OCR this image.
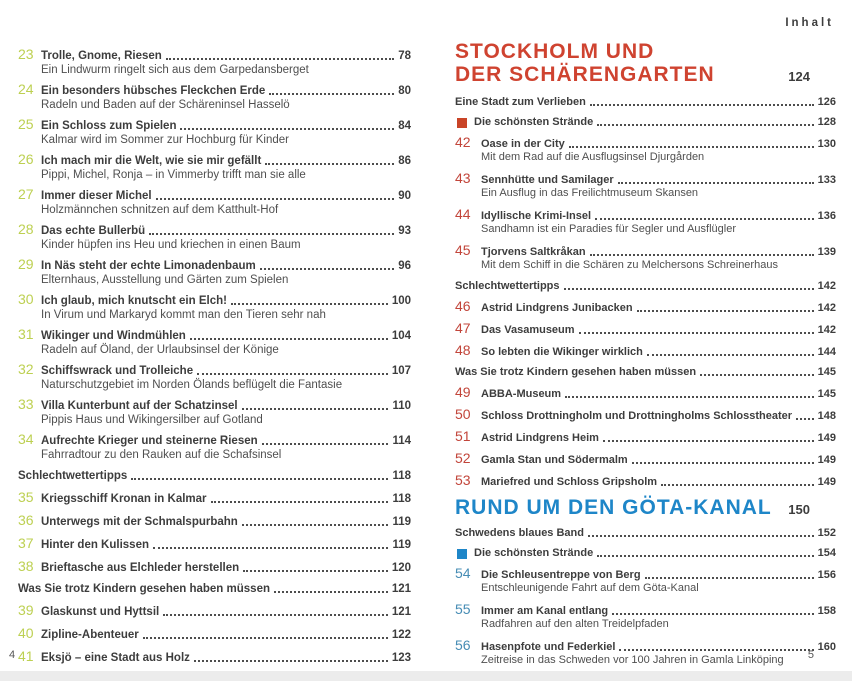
Inhalt
23 Trolle, Gnome, Riesen	78
Ein Lindwurm ringelt sich aus dem Garpedansberget
24 Ein besonders hübsches Fleckchen Erde	80
Radeln und Baden auf der Schäreninsel Hasselö
25 Ein Schloss zum Spielen	84
Kalmar wird im Sommer zur Hochburg für Kinder
26 Ich mach mir die Welt, wie sie mir gefällt	86
Pippi, Michel, Ronja – in Vimmerby trifft man sie alle
27 Immer dieser Michel	90
Holzmännchen schnitzen auf dem Katthult-Hof
28 Das echte Bullerbü	93
Kinder hüpfen ins Heu und kriechen in einen Baum
29 In Näs steht der echte Limonadenbaum	96
Elternhaus, Ausstellung und Gärten zum Spielen
30 Ich glaub, mich knutscht ein Elch!	100
In Virum und Markaryd kommt man den Tieren sehr nah
31 Wikinger und Windmühlen	104
Radeln auf Öland, der Urlaubsinsel der Könige
32 Schiffswrack und Trolleiche	107
Naturschutzgebiet im Norden Ölands beflügelt die Fantasie
33 Villa Kunterbunt auf der Schatzinsel	110
Pippis Haus und Wikingersilber auf Gotland
34 Aufrechte Krieger und steinerne Riesen	114
Fahrradtour zu den Rauken auf die Schafsinsel
Schlechtwettertipps	118
35 Kriegsschiff Kronan in Kalmar	118
36 Unterwegs mit der Schmalspurbahn	119
37 Hinter den Kulissen	119
38 Brieftasche aus Elchleder herstellen	120
Was Sie trotz Kindern gesehen haben müssen	121
39 Glaskunst und Hyttsil	121
40 Zipline-Abenteuer	122
41 Eksjö – eine Stadt aus Holz	123
STOCKHOLM UND
DER SCHÄRENGARTEN	124
Eine Stadt zum Verlieben	126
Die schönsten Strände	128
42 Oase in der City	130
Mit dem Rad auf die Ausflugsinsel Djurgården
43 Sennhütte und Samilager	133
Ein Ausflug in das Freilichtmuseum Skansen
44 Idyllische Krimi-Insel	136
Sandhamn ist ein Paradies für Segler und Ausflügler
45 Tjorvens Saltkråkan	139
Mit dem Schiff in die Schären zu Melchersons Schreinerhaus
Schlechtwettertipps	142
46 Astrid Lindgrens Junibacken	142
47 Das Vasamuseum	142
48 So lebten die Wikinger wirklich	144
Was Sie trotz Kindern gesehen haben müssen	145
49 ABBA-Museum	145
50 Schloss Drottningholm und Drottningholms Schlosstheater 148
51 Astrid Lindgrens Heim	149
52 Gamla Stan und Södermalm	149
53 Mariefred und Schloss Gripsholm	149
RUND UM DEN GÖTA-KANAL 150
Schwedens blaues Band	152
Die schönsten Strände	154
54 Die Schleusentreppe von Berg	156
Entschleunigende Fahrt auf dem Göta-Kanal
55 Immer am Kanal entlang	158
Radfahren auf den alten Treidelpfaden
56 Hasenpfote und Federkiel	160
Zeitreise in das Schweden vor 100 Jahren in Gamla Linköping
4	5
